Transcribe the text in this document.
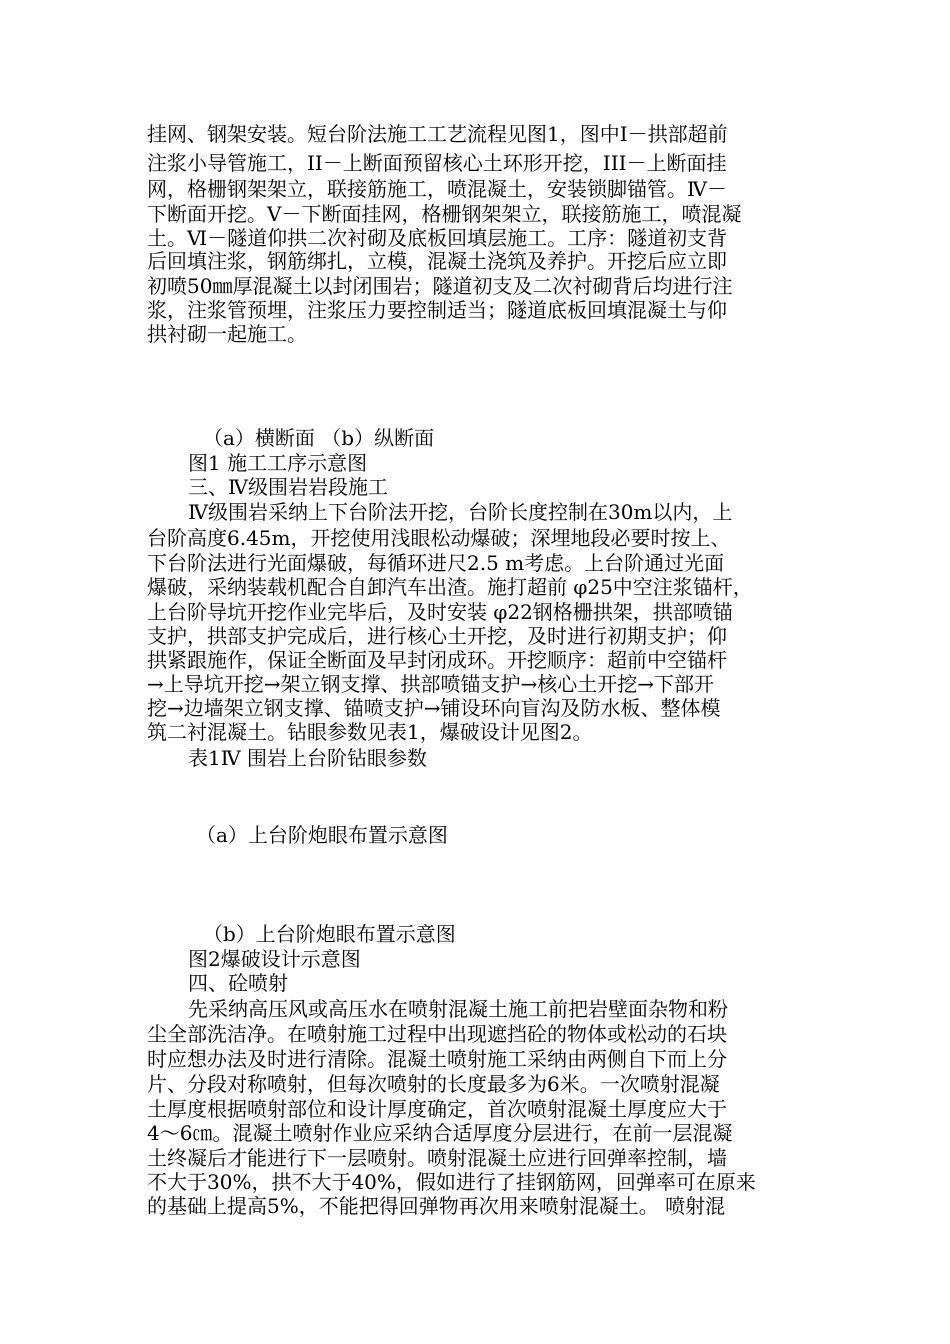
挂网、钢架安装。短台阶法施工工艺流程见图1，图中Ⅰ－拱部超前
注浆小导管施工，II－上断面预留核心土环形开挖，III－上断面挂
网，格栅钢架架立，联接筋施工，喷混凝土，安装锁脚锚管。Ⅳ－
下断面开挖。Ⅴ－下断面挂网，格栅钢架架立，联接筋施工，喷混凝
土。Ⅵ－隧道仰拱二次衬砌及底板回填层施工。工序：隧道初支背
后回填注浆，钢筋绑扎，立模，混凝土浇筑及养护。开挖后应立即
初喷50㎜厚混凝土以封闭围岩；隧道初支及二次衬砌背后均进行注
浆，注浆管预埋，注浆压力要控制适当；隧道底板回填混凝土与仰
拱衬砌一起施工。
（a）横断面 （b）纵断面
图1 施工工序示意图
三、Ⅳ级围岩岩段施工
Ⅳ级围岩采纳上下台阶法开挖，台阶长度控制在30m以内，上
台阶高度6.45m，开挖使用浅眼松动爆破；深埋地段必要时按上、
下台阶法进行光面爆破，每循环进尺2.5 m考虑。上台阶通过光面
爆破，采纳装载机配合自卸汽车出渣。施打超前 φ25中空注浆锚杆，
上台阶导坑开挖作业完毕后，及时安装 φ22钢格栅拱架，拱部喷锚
支护，拱部支护完成后，进行核心土开挖，及时进行初期支护；仰
拱紧跟施作，保证全断面及早封闭成环。开挖顺序：超前中空锚杆
→上导坑开挖→架立钢支撑、拱部喷锚支护→核心土开挖→下部开
挖→边墙架立钢支撑、锚喷支护→铺设环向盲沟及防水板、整体模
筑二衬混凝土。钻眼参数见表1，爆破设计见图2。
表1Ⅳ 围岩上台阶钻眼参数
（a）上台阶炮眼布置示意图
（b）上台阶炮眼布置示意图
图2爆破设计示意图
四、砼喷射
先采纳高压风或高压水在喷射混凝土施工前把岩壁面杂物和粉
尘全部洗洁净。在喷射施工过程中出现遮挡砼的物体或松动的石块
时应想办法及时进行清除。混凝土喷射施工采纳由两侧自下而上分
片、分段对称喷射，但每次喷射的长度最多为6米。一次喷射混凝
土厚度根据喷射部位和设计厚度确定，首次喷射混凝土厚度应大于
4～6㎝。混凝土喷射作业应采纳合适厚度分层进行，在前一层混凝
土终凝后才能进行下一层喷射。喷射混凝土应进行回弹率控制，墙
不大于30%，拱不大于40%，假如进行了挂钢筋网，回弹率可在原来
的基础上提高5%，不能把得回弹物再次用来喷射混凝土。 喷射混
